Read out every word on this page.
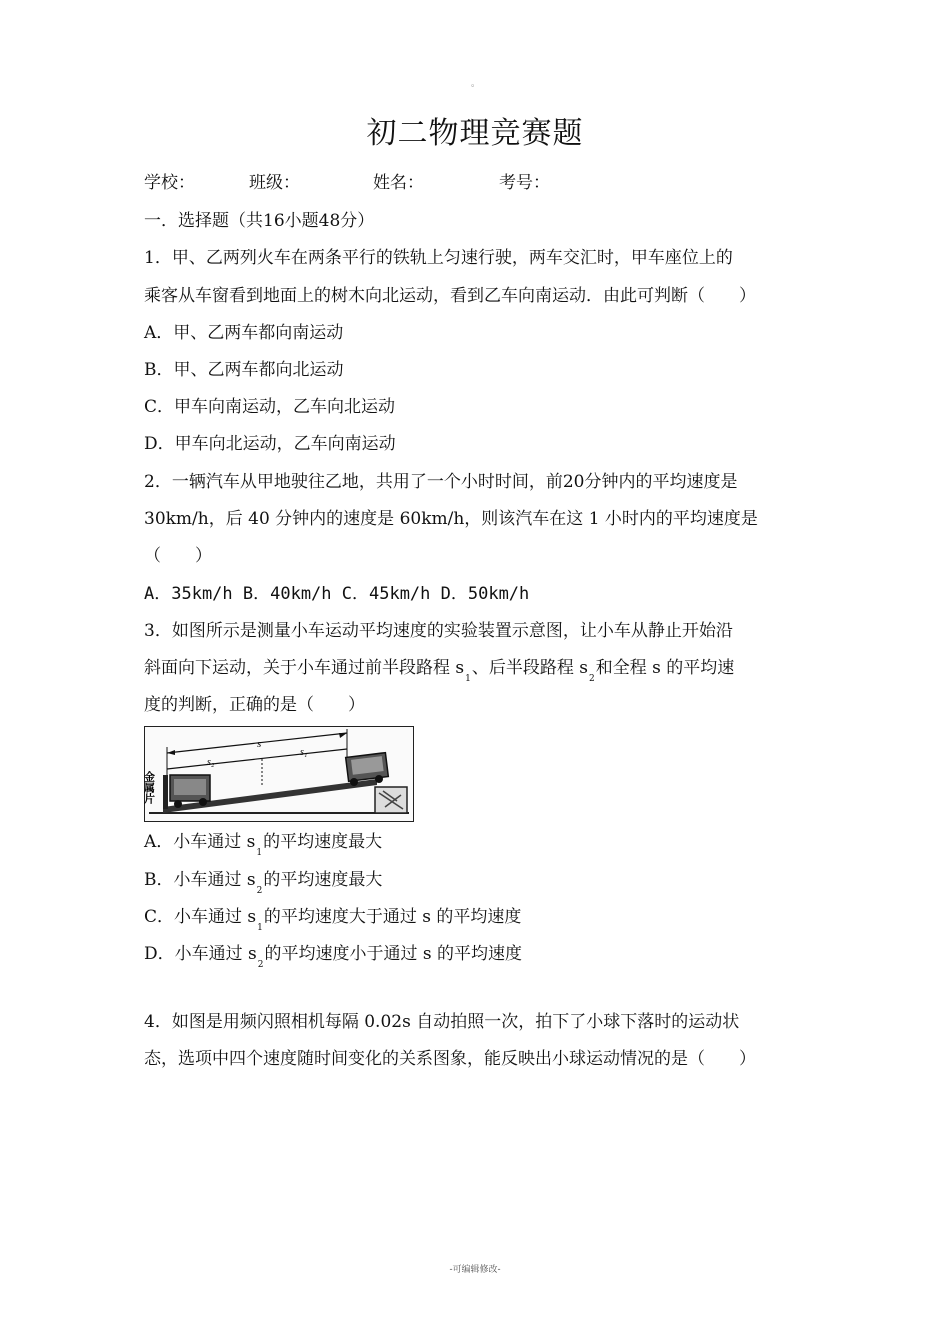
。
初二物理竞赛题
学校：	班级：	姓名：	考号：
一．选择题（共16小题48分）
1．甲、乙两列火车在两条平行的铁轨上匀速行驶，两车交汇时，甲车座位上的
乘客从车窗看到地面上的树木向北运动，看到乙车向南运动．由此可判断（　　）
A．甲、乙两车都向南运动
B．甲、乙两车都向北运动
C．甲车向南运动，乙车向北运动
D．甲车向北运动，乙车向南运动
2．一辆汽车从甲地驶往乙地，共用了一个小时时间，前20分钟内的平均速度是
30km/h，后 40 分钟内的速度是 60km/h，则该汽车在这 1 小时内的平均速度是
（　　）
A．35km/h B．40km/h C．45km/h D．50km/h
3．如图所示是测量小车运动平均速度的实验装置示意图，让小车从静止开始沿
斜面向下运动，关于小车通过前半段路程 $s_1$、后半段路程 $s_2$和全程 s 的平均速
度的判断，正确的是（　　）
s
s₂
s₁
金属片
A．小车通过 $s_1$的平均速度最大
B．小车通过 $s_2$的平均速度最大
C．小车通过 $s_1$的平均速度大于通过 s 的平均速度
D．小车通过 $s_2$的平均速度小于通过 s 的平均速度
4．如图是用频闪照相机每隔 0.02s 自动拍照一次，拍下了小球下落时的运动状
态，选项中四个速度随时间变化的关系图象，能反映出小球运动情况的是（　　）
-可编辑修改-
